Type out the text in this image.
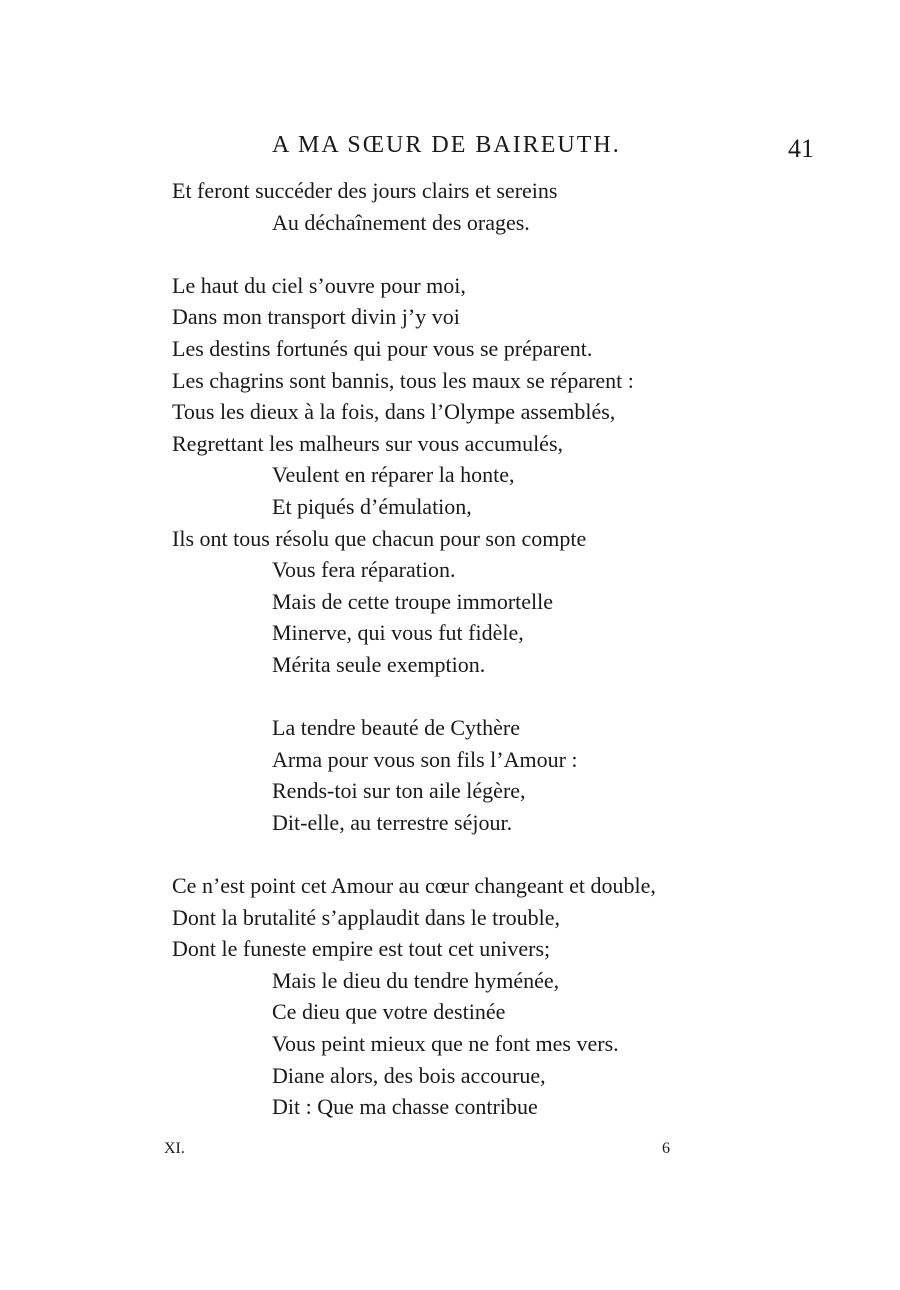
A MA SŒUR DE BAIREUTH.	41
Et feront succéder des jours clairs et sereins
Au déchaînement des orages.
Le haut du ciel s’ouvre pour moi,
Dans mon transport divin j’y voi
Les destins fortunés qui pour vous se préparent.
Les chagrins sont bannis, tous les maux se réparent :
Tous les dieux à la fois, dans l’Olympe assemblés,
Regrettant les malheurs sur vous accumulés,
Veulent en réparer la honte,
Et piqués d’émulation,
Ils ont tous résolu que chacun pour son compte
Vous fera réparation.
Mais de cette troupe immortelle
Minerve, qui vous fut fidèle,
Mérita seule exemption.
La tendre beauté de Cythère
Arma pour vous son fils l’Amour :
Rends-toi sur ton aile légère,
Dit-elle, au terrestre séjour.
Ce n’est point cet Amour au cœur changeant et double,
Dont la brutalité s’applaudit dans le trouble,
Dont le funeste empire est tout cet univers;
Mais le dieu du tendre hyménée,
Ce dieu que votre destinée
Vous peint mieux que ne font mes vers.
Diane alors, des bois accourue,
Dit : Que ma chasse contribue
XI.	6
